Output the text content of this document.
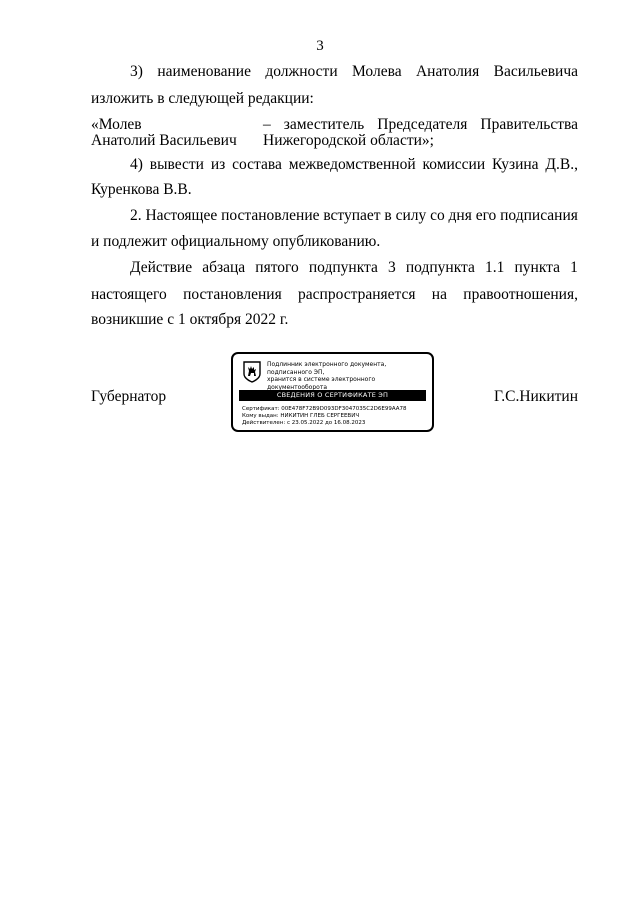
3
3) наименование должности Молева Анатолия Васильевича
изложить в следующей редакции:
«Молев
Анатолий Васильевич
– заместитель Председателя Правительства
Нижегородской области»;
4) вывести из состава межведомственной комиссии Кузина Д.В.,
Куренкова В.В.
2. Настоящее постановление вступает в силу со дня его подписания
и подлежит официальному опубликованию.
Действие абзаца пятого подпункта 3 подпункта 1.1 пункта 1
настоящего постановления распространяется на правоотношения,
возникшие с 1 октября 2022 г.
Губернатор	Г.С.Никитин
Подлинник электронного документа, подписанного ЭП,
хранится в системе электронного документооборота
СВЕДЕНИЯ О СЕРТИФИКАТЕ ЭП
Сертификат: 00E478F72B9D093DF3047035C2D6E99AA78
Кому выдан: НИКИТИН ГЛЕБ СЕРГЕЕВИЧ
Действителен: с 23.05.2022 до 16.08.2023
